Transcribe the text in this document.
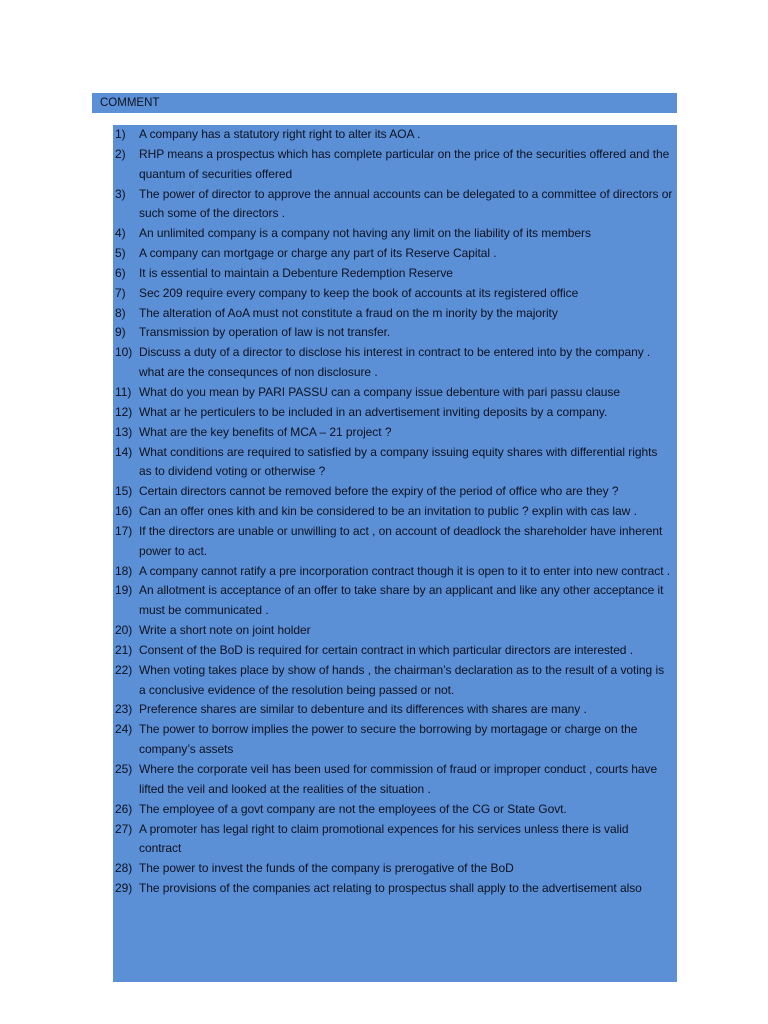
COMMENT
1)	A company has a statutory right right to alter its AOA .
2)	RHP means a prospectus which has complete particular on the price of the securities offered and the quantum of securities offered
3)	The power of director to approve the annual accounts can be delegated to a committee of directors or such some of the directors .
4)	An unlimited company is a company not having any limit on the liability of its members
5)	A company can mortgage or charge any part of its Reserve Capital .
6)	It is essential to maintain a Debenture Redemption Reserve
7)	Sec 209 require every company to keep the book of accounts at its registered office
8)	The alteration of AoA must not constitute a fraud on the m inority by the majority
9)	Transmission by operation of law is not transfer.
10) Discuss a duty of a director to disclose his interest in contract to be entered into by the company . what are the consequnces of non disclosure .
11) What do you mean by PARI PASSU can a company issue debenture with pari passu clause
12) What ar he perticulers to be included in an advertisement inviting deposits by a company.
13) What are the key benefits of MCA – 21 project ?
14) What conditions are required to satisfied by a company issuing equity shares with differential rights as to dividend voting or otherwise ?
15) Certain directors cannot be removed before the expiry of the period of office who are they ?
16) Can an offer ones kith and kin be considered to be an invitation to public ? explin with cas law .
17) If the directors are unable or unwilling to act , on account of deadlock the shareholder have inherent power to act.
18) A company cannot ratify a pre incorporation contract though it is open to it to enter into new contract .
19) An allotment is acceptance of an offer to take share by an applicant and like any other acceptance it must be communicated .
20) Write a short note on joint holder
21) Consent of the BoD is required for certain contract in which particular directors are interested .
22) When voting takes place by show of hands , the chairman’s declaration as to the result of a voting is a conclusive evidence of the resolution being passed or not.
23) Preference shares are similar to debenture and its differences with shares are many .
24) The power to borrow implies the power to secure the borrowing by mortagage or charge on the company’s assets
25) Where the corporate veil has been used for commission of fraud or improper conduct , courts have lifted the veil and looked at the realities of the situation .
26) The employee of a govt company are not the employees of the CG or State Govt.
27) A promoter has legal right to claim promotional expences for his services unless there is valid contract
28) The power to invest the funds of the company is prerogative of the BoD
29) The provisions of the companies act relating to prospectus shall apply to the advertisement also
